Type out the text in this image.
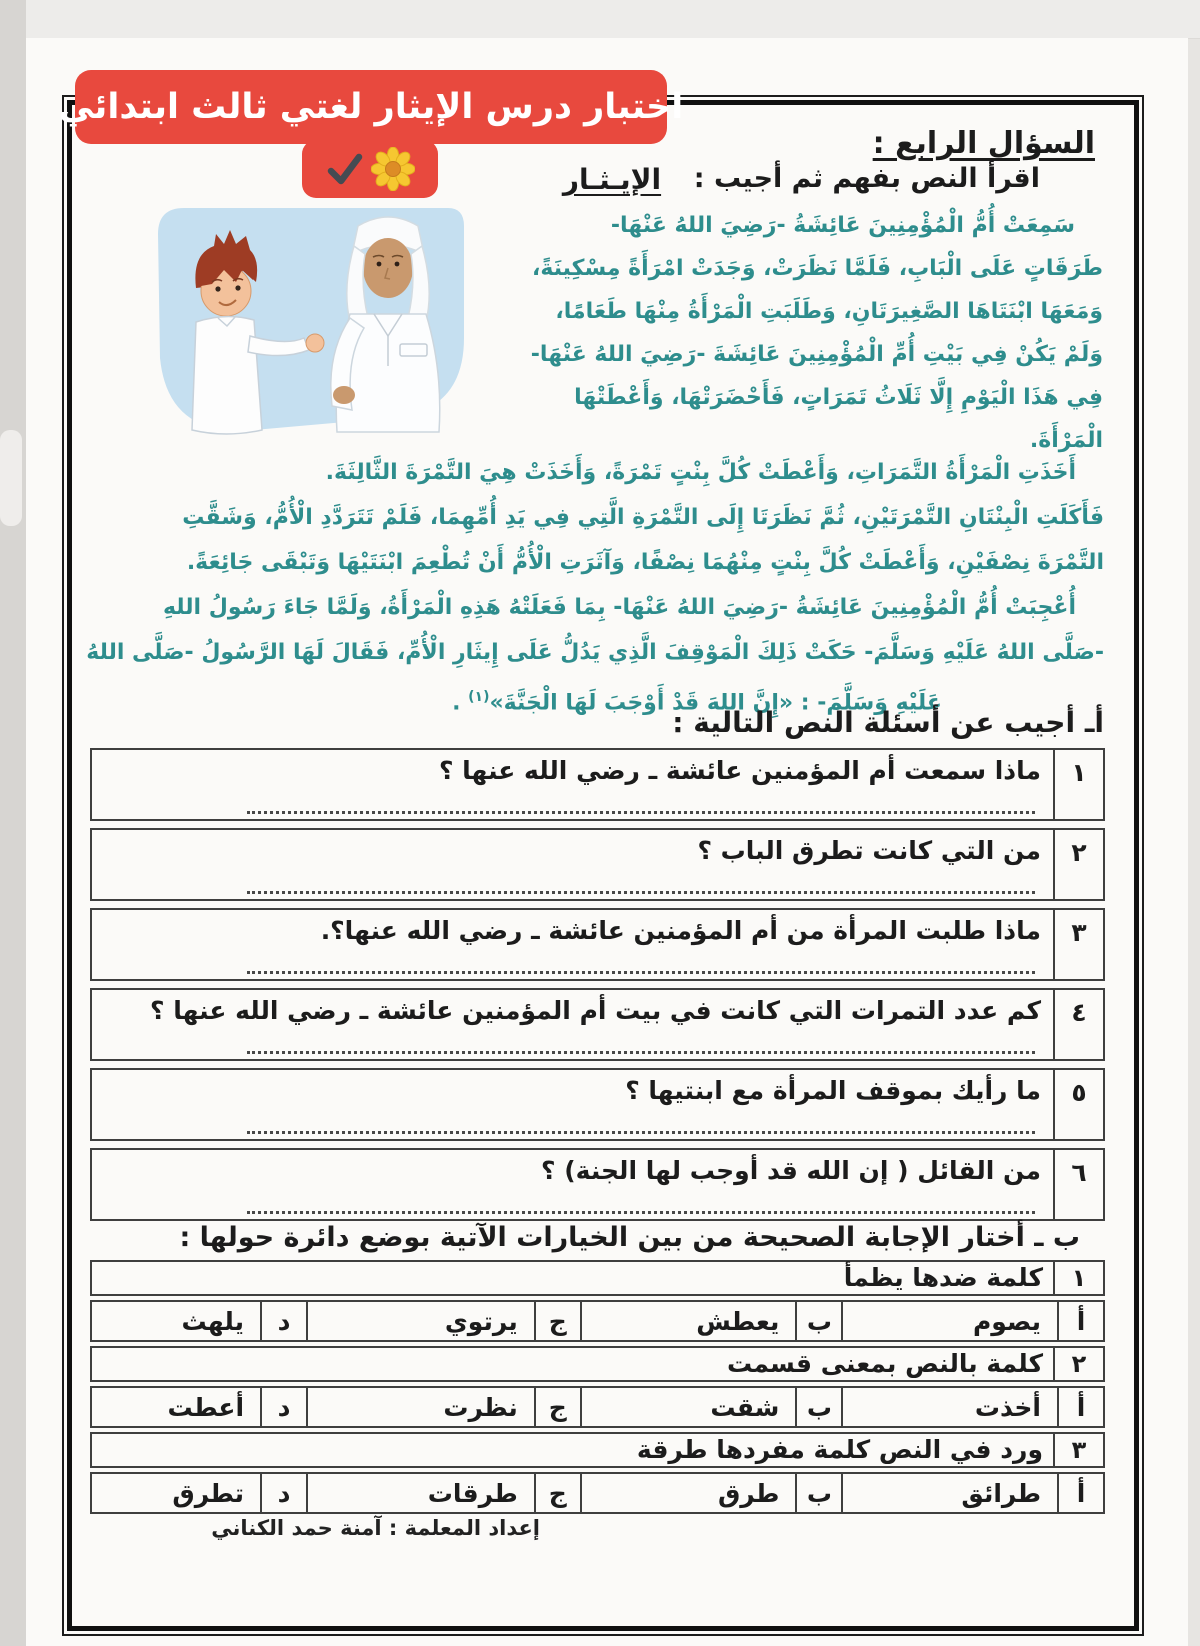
اختبار درس الإيثار لغتي ثالث ابتدائي
السؤال الرابع :
اقرأ النص بفهم ثم أجيب :
الإيـثـار
سَمِعَتْ أُمُّ الْمُؤْمِنِينَ عَائِشَةُ -رَضِيَ اللهُ عَنْهَا-
طَرَقَاتٍ عَلَى الْبَابِ، فَلَمَّا نَظَرَتْ، وَجَدَتْ امْرَأَةً مِسْكِينَةً،
وَمَعَهَا ابْنَتَاهَا الصَّغِيرَتَانِ، وَطَلَبَتِ الْمَرْأَةُ مِنْهَا طَعَامًا،
وَلَمْ يَكُنْ فِي بَيْتِ أُمِّ الْمُؤْمِنِينَ عَائِشَةَ -رَضِيَ اللهُ عَنْهَا-
فِي هَذَا الْيَوْمِ إِلَّا ثَلَاثُ تَمَرَاتٍ، فَأَحْضَرَتْهَا، وَأَعْطَتْهَا
الْمَرْأَةَ.
أَخَذَتِ الْمَرْأَةُ التَّمَرَاتِ، وَأَعْطَتْ كُلَّ بِنْتٍ تَمْرَةً، وَأَخَذَتْ هِيَ التَّمْرَةَ الثَّالِثَةَ.
فَأَكَلَتِ الْبِنْتَانِ التَّمْرَتَيْنِ، ثُمَّ نَظَرَتَا إِلَى التَّمْرَةِ الَّتِي فِي يَدِ أُمِّهِمَا، فَلَمْ تَتَرَدَّدِ الْأُمُّ، وَشَقَّتِ
التَّمْرَةَ نِصْفَيْنِ، وَأَعْطَتْ كُلَّ بِنْتٍ مِنْهُمَا نِصْفًا، وَآثَرَتِ الْأُمُّ أَنْ تُطْعِمَ ابْنَتَيْهَا وَتَبْقَى جَائِعَةً.
أُعْجِبَتْ أُمُّ الْمُؤْمِنِينَ عَائِشَةُ -رَضِيَ اللهُ عَنْهَا- بِمَا فَعَلَتْهُ هَذِهِ الْمَرْأَةُ، وَلَمَّا جَاءَ رَسُولُ اللهِ
-صَلَّى اللهُ عَلَيْهِ وَسَلَّمَ- حَكَتْ ذَلِكَ الْمَوْقِفَ الَّذِي يَدُلُّ عَلَى إِيثَارِ الْأُمِّ، فَقَالَ لَهَا الرَّسُولُ -صَلَّى اللهُ
عَلَيْهِ وَسَلَّمَ- : «إِنَّ اللهَ قَدْ أَوْجَبَ لَهَا الْجَنَّةَ»$^{(١)}$ .
أـ أجيب عن أسئلة النص التالية :
١
ماذا سمعت أم المؤمنين عائشة ـ رضي الله عنها ؟
٢
من التي كانت تطرق الباب ؟
٣
ماذا طلبت المرأة من أم المؤمنين عائشة ـ رضي الله عنها؟.
٤
كم عدد التمرات التي كانت في بيت أم المؤمنين عائشة ـ رضي الله عنها ؟
٥
ما رأيك بموقف المرأة مع ابنتيها ؟
٦
من القائل ( إن الله قد أوجب لها الجنة) ؟
ب ـ أختار الإجابة الصحيحة من بين الخيارات الآتية بوضع دائرة حولها :
١
كلمة ضدها يظمأ
أ
يصوم
ب
يعطش
ج
يرتوي
د
يلهث
٢
كلمة بالنص بمعنى قسمت
أ
أخذت
ب
شقت
ج
نظرت
د
أعطت
٣
ورد في النص كلمة مفردها طرقة
أ
طرائق
ب
طرق
ج
طرقات
د
تطرق
إعداد المعلمة : آمنة حمد الكناني
